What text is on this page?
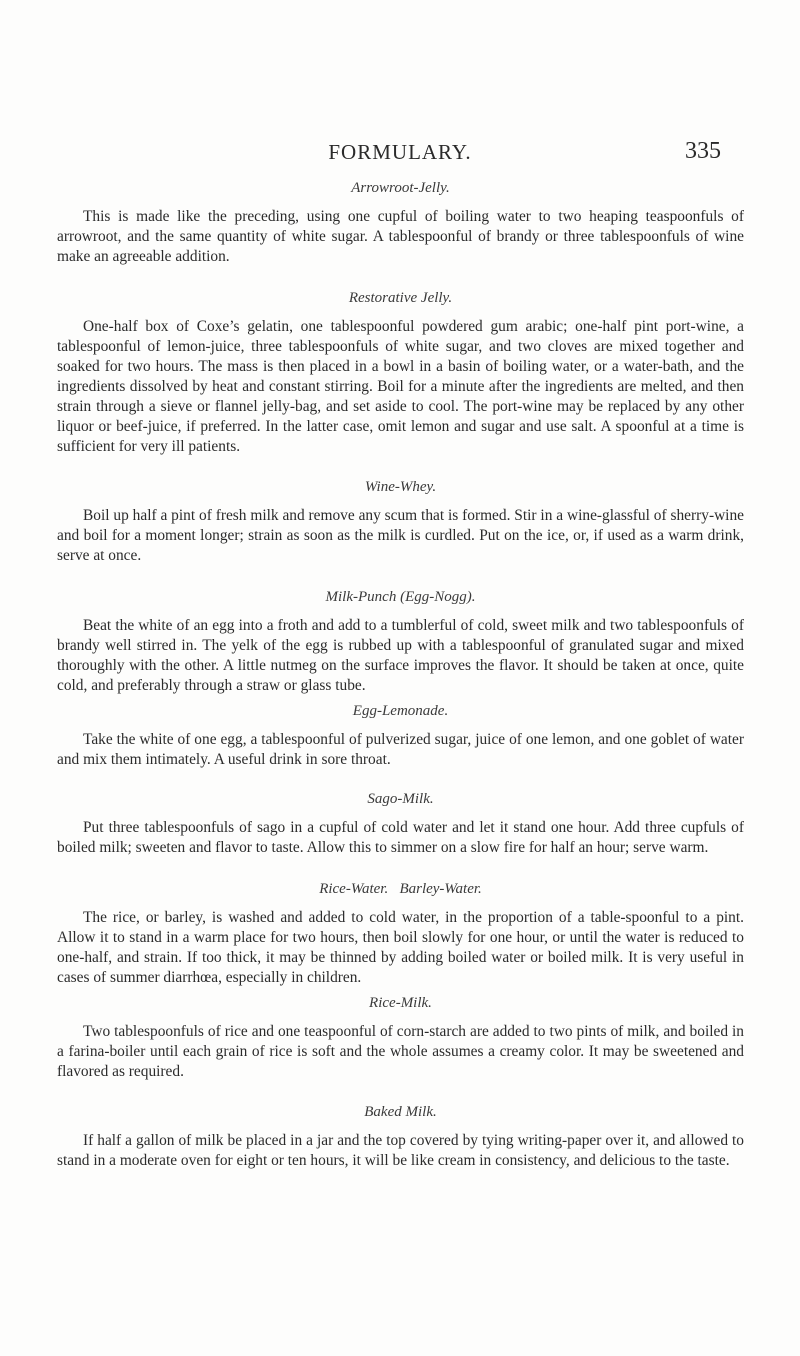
FORMULARY.	335
Arrowroot-Jelly.

This is made like the preceding, using one cupful of boiling water to two heaping teaspoonfuls of arrowroot, and the same quantity of white sugar. A tablespoonful of brandy or three tablespoonfuls of wine make an agreeable addition.

Restorative Jelly.

One-half box of Coxe’s gelatin, one tablespoonful powdered gum arabic; one-half pint port-wine, a tablespoonful of lemon-juice, three tablespoonfuls of white sugar, and two cloves are mixed together and soaked for two hours. The mass is then placed in a bowl in a basin of boiling water, or a water-bath, and the ingredients dissolved by heat and constant stirring. Boil for a minute after the ingredients are melted, and then strain through a sieve or flannel jelly-bag, and set aside to cool. The port-wine may be replaced by any other liquor or beef-juice, if preferred. In the latter case, omit lemon and sugar and use salt. A spoonful at a time is sufficient for very ill patients.

Wine-Whey.

Boil up half a pint of fresh milk and remove any scum that is formed. Stir in a wine-glassful of sherry-wine and boil for a moment longer; strain as soon as the milk is curdled. Put on the ice, or, if used as a warm drink, serve at once.

Milk-Punch (Egg-Nogg).

Beat the white of an egg into a froth and add to a tumblerful of cold, sweet milk and two tablespoonfuls of brandy well stirred in. The yelk of the egg is rubbed up with a tablespoonful of granulated sugar and mixed thoroughly with the other. A little nutmeg on the surface improves the flavor. It should be taken at once, quite cold, and preferably through a straw or glass tube.

Egg-Lemonade.

Take the white of one egg, a tablespoonful of pulverized sugar, juice of one lemon, and one goblet of water and mix them intimately. A useful drink in sore throat.

Sago-Milk.

Put three tablespoonfuls of sago in a cupful of cold water and let it stand one hour. Add three cupfuls of boiled milk; sweeten and flavor to taste. Allow this to simmer on a slow fire for half an hour; serve warm.

Rice-Water.   Barley-Water.

The rice, or barley, is washed and added to cold water, in the proportion of a table-spoonful to a pint. Allow it to stand in a warm place for two hours, then boil slowly for one hour, or until the water is reduced to one-half, and strain. If too thick, it may be thinned by adding boiled water or boiled milk. It is very useful in cases of summer diarrhœa, especially in children.

Rice-Milk.

Two tablespoonfuls of rice and one teaspoonful of corn-starch are added to two pints of milk, and boiled in a farina-boiler until each grain of rice is soft and the whole assumes a creamy color. It may be sweetened and flavored as required.

Baked Milk.

If half a gallon of milk be placed in a jar and the top covered by tying writing-paper over it, and allowed to stand in a moderate oven for eight or ten hours, it will be like cream in consistency, and delicious to the taste.
